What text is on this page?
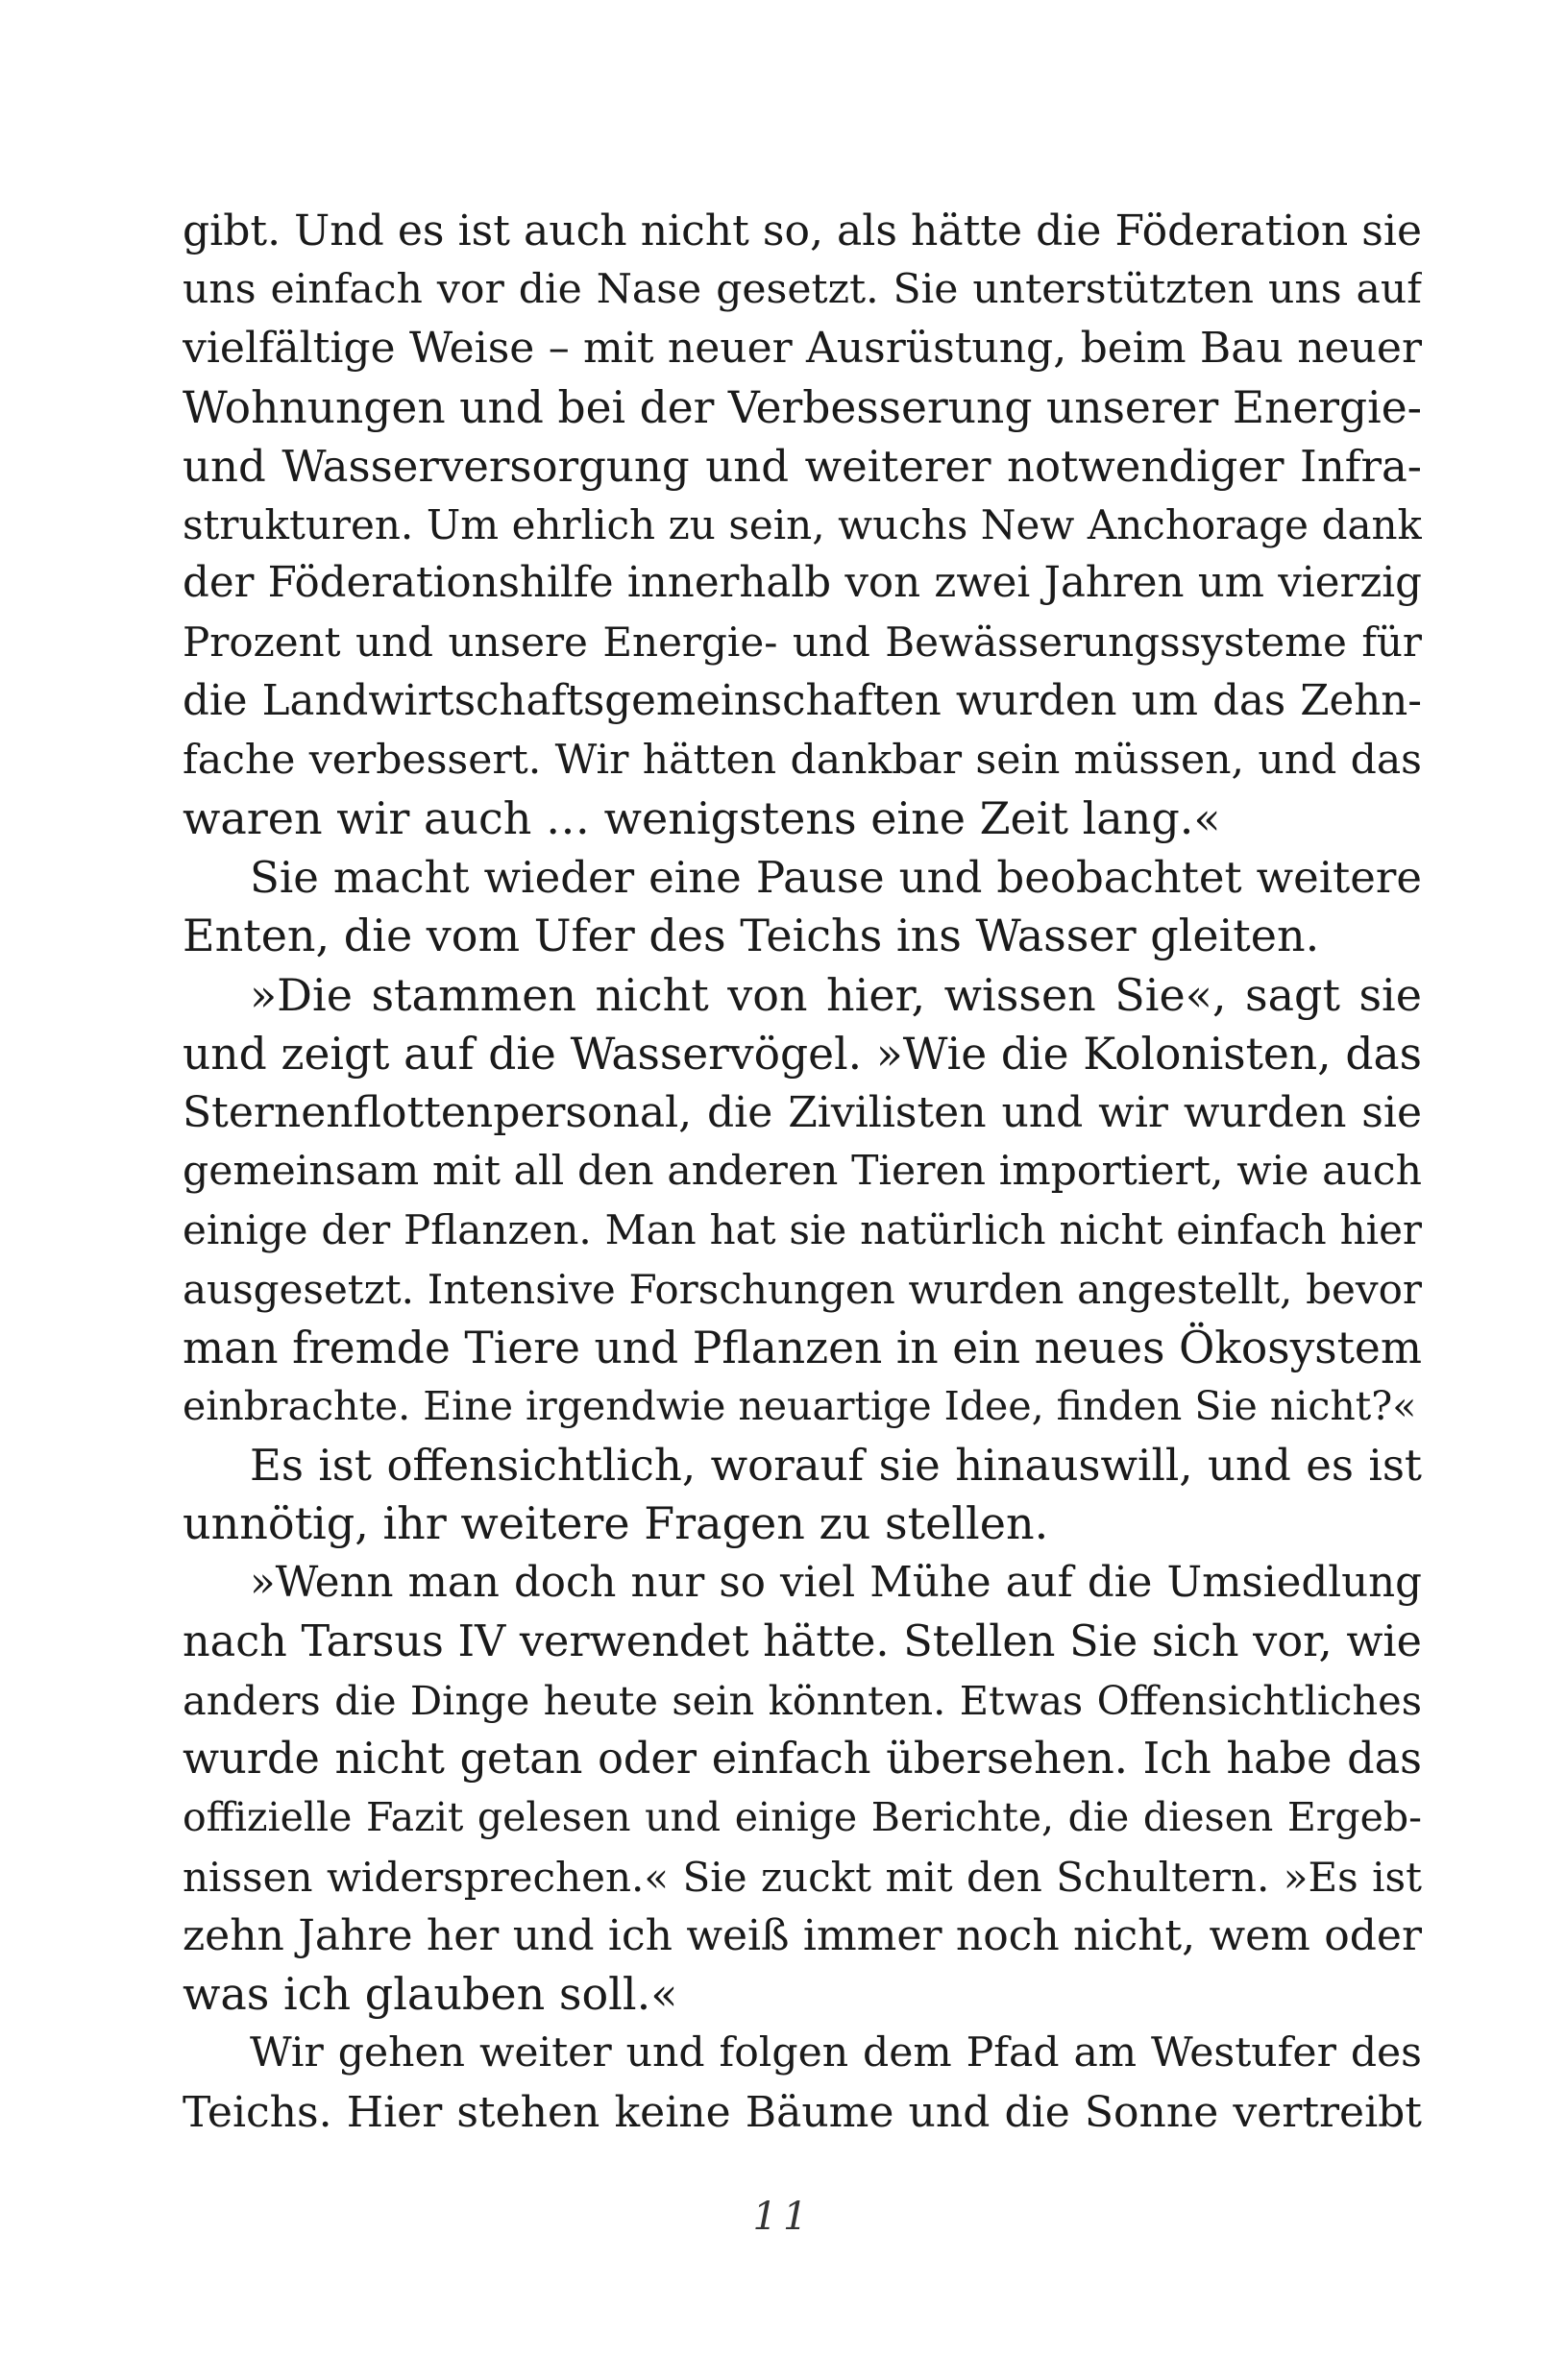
gibt. Und es ist auch nicht so, als hätte die Föderation sie
uns einfach vor die Nase gesetzt. Sie unterstützten uns auf
vielfältige Weise – mit neuer Ausrüstung, beim Bau neuer
Wohnungen und bei der Verbesserung unserer Energie-
und Wasserversorgung und weiterer notwendiger Infra-
strukturen. Um ehrlich zu sein, wuchs New Anchorage dank
der Föderationshilfe innerhalb von zwei Jahren um vierzig
Prozent und unsere Energie- und Bewässerungssysteme für
die Landwirtschaftsgemeinschaften wurden um das Zehn-
fache verbessert. Wir hätten dankbar sein müssen, und das
waren wir auch … wenigstens eine Zeit lang.«

Sie macht wieder eine Pause und beobachtet weitere
Enten, die vom Ufer des Teichs ins Wasser gleiten.

»Die stammen nicht von hier, wissen Sie«, sagt sie
und zeigt auf die Wasservögel. »Wie die Kolonisten, das
Sternenflottenpersonal, die Zivilisten und wir wurden sie
gemeinsam mit all den anderen Tieren importiert, wie auch
einige der Pflanzen. Man hat sie natürlich nicht einfach hier
ausgesetzt. Intensive Forschungen wurden angestellt, bevor
man fremde Tiere und Pflanzen in ein neues Ökosystem
einbrachte. Eine irgendwie neuartige Idee, finden Sie nicht?«

Es ist offensichtlich, worauf sie hinauswill, und es ist
unnötig, ihr weitere Fragen zu stellen.

»Wenn man doch nur so viel Mühe auf die Umsiedlung
nach Tarsus IV verwendet hätte. Stellen Sie sich vor, wie
anders die Dinge heute sein könnten. Etwas Offensichtliches
wurde nicht getan oder einfach übersehen. Ich habe das
offizielle Fazit gelesen und einige Berichte, die diesen Ergeb-
nissen widersprechen.« Sie zuckt mit den Schultern. »Es ist
zehn Jahre her und ich weiß immer noch nicht, wem oder
was ich glauben soll.«

Wir gehen weiter und folgen dem Pfad am Westufer des
Teichs. Hier stehen keine Bäume und die Sonne vertreibt

11
